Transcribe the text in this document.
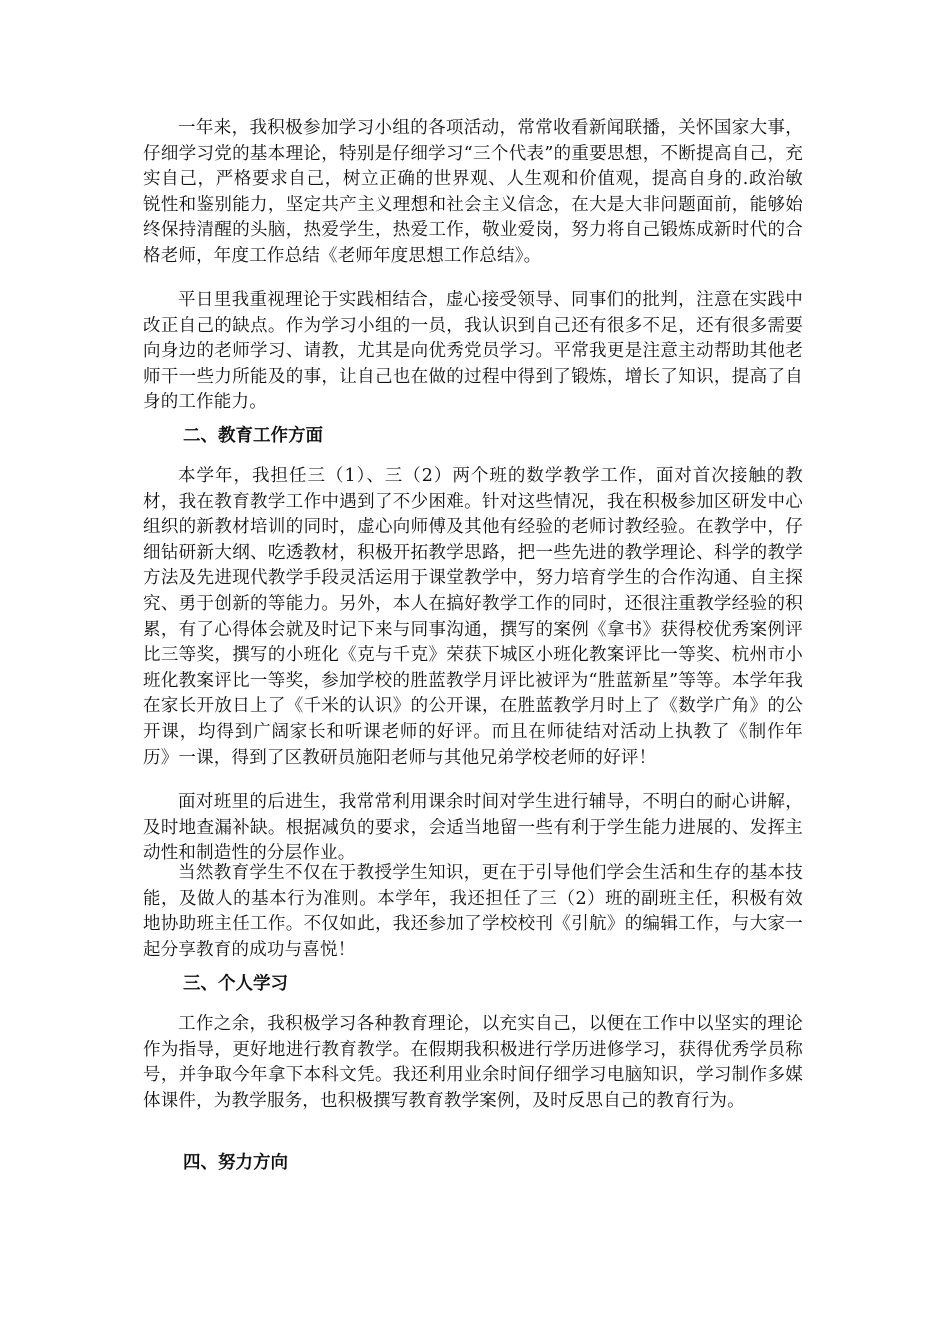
一年来，我积极参加学习小组的各项活动，常常收看新闻联播，关怀国家大事，仔细学习党的基本理论，特别是仔细学习“三个代表”的重要思想，不断提高自己，充实自己，严格要求自己，树立正确的世界观、人生观和价值观，提高自身的.政治敏锐性和鉴别能力，坚定共产主义理想和社会主义信念，在大是大非问题面前，能够始终保持清醒的头脑，热爱学生，热爱工作，敬业爱岗，努力将自己锻炼成新时代的合格老师，年度工作总结《老师年度思想工作总结》。

平日里我重视理论于实践相结合，虚心接受领导、同事们的批判，注意在实践中改正自己的缺点。作为学习小组的一员，我认识到自己还有很多不足，还有很多需要向身边的老师学习、请教，尤其是向优秀党员学习。平常我更是注意主动帮助其他老师干一些力所能及的事，让自己也在做的过程中得到了锻炼，增长了知识，提高了自身的工作能力。

二、教育工作方面

本学年，我担任三（1）、三（2）两个班的数学教学工作，面对首次接触的教材，我在教育教学工作中遇到了不少困难。针对这些情况，我在积极参加区研发中心组织的新教材培训的同时，虚心向师傅及其他有经验的老师讨教经验。在教学中，仔细钻研新大纲、吃透教材，积极开拓教学思路，把一些先进的教学理论、科学的教学方法及先进现代教学手段灵活运用于课堂教学中，努力培育学生的合作沟通、自主探究、勇于创新的等能力。另外，本人在搞好教学工作的同时，还很注重教学经验的积累，有了心得体会就及时记下来与同事沟通，撰写的案例《拿书》获得校优秀案例评比三等奖，撰写的小班化《克与千克》荣获下城区小班化教案评比一等奖、杭州市小班化教案评比一等奖，参加学校的胜蓝教学月评比被评为“胜蓝新星”等等。本学年我在家长开放日上了《千米的认识》的公开课，在胜蓝教学月时上了《数学广角》的公开课，均得到广阔家长和听课老师的好评。而且在师徒结对活动上执教了《制作年历》一课，得到了区教研员施阳老师与其他兄弟学校老师的好评！

面对班里的后进生，我常常利用课余时间对学生进行辅导，不明白的耐心讲解，及时地查漏补缺。根据减负的要求，会适当地留一些有利于学生能力进展的、发挥主动性和制造性的分层作业。

当然教育学生不仅在于教授学生知识，更在于引导他们学会生活和生存的基本技能，及做人的基本行为准则。本学年，我还担任了三（2）班的副班主任，积极有效地协助班主任工作。不仅如此，我还参加了学校校刊《引航》的编辑工作，与大家一起分享教育的成功与喜悦！

三、个人学习

工作之余，我积极学习各种教育理论，以充实自己，以便在工作中以坚实的理论作为指导，更好地进行教育教学。在假期我积极进行学历进修学习，获得优秀学员称号，并争取今年拿下本科文凭。我还利用业余时间仔细学习电脑知识，学习制作多媒体课件，为教学服务，也积极撰写教育教学案例，及时反思自己的教育行为。

四、努力方向
